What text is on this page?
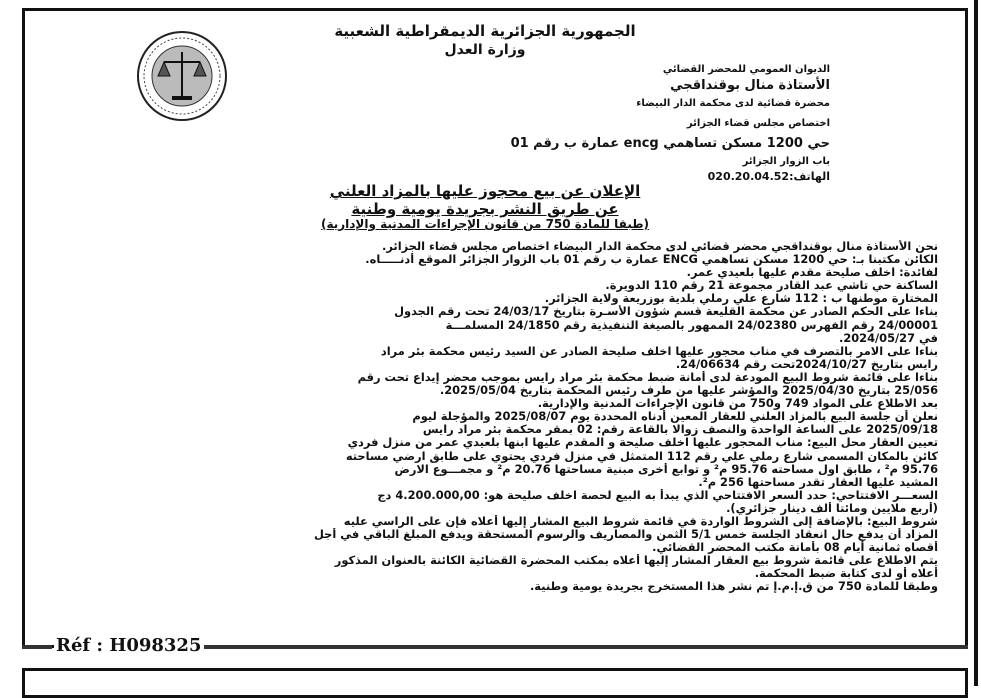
الجمهورية الجزائرية الديمقراطية الشعبية
وزارة العدل
الديوان العمومي للمحضر القضائي
الأستاذة منال بوقنداقجي
محضرة قضائية لدى محكمة الدار البيضاء
اختصاص مجلس قضاء الجزائر
حي 1200 مسكن تساهمي encg عمارة ب رقم 01
باب الزوار الجزائر
الهاتف:020.20.04.52
الإعلان عن بيع محجوز عليها بالمزاد العلني
عن طريق النشر بجريدة يومية وطنية
(طبقا للمادة 750 من قانون الإجراءات المدنية والإدارية)

نحن الأستاذة منال بوقنداقجي محضر قضائي لدى محكمة الدار البيضاء اختصاص مجلس قضاء الجزائر.

الكائن مكتبنا بـ: حي 1200 مسكن تساهمي ENCG عمارة ب رقم 01 باب الزوار الجزائر الموقع أدنـــــاه.

لفائدة: اخلف صليحة مقدم عليها بلعيدي عمر.

الساكنة حي تاشي عبد القادر مجموعة 21 رقم 110 الدويرة.

المختارة موطنها ب : 112 شارع علي رملي بلدية بوزريعة ولاية الجزائر.

بناءا على الحكم الصادر عن محكمة القليعة قسم شؤون الأسـرة بتاريخ 24/03/17 تحت رقم الجدول

24/00001 رقم الفهرس 24/02380 الممهور بالصيغة التنفيذية رقم 24/1850 المسلمـــة

في 2024/05/27.

بناءا على الامر بالتصرف في مناب محجور عليها اخلف صليحة الصادر عن السيد رئيس محكمة بئر مراد

رايس بتاريخ 2024/10/27تحت رقم 24/06634.

بناءا على قائمة شروط البيع المودعة لدى أمانة ضبط محكمة بئر مراد رايس بموجب محضر إيداع تحت رقم

25/056 بتاريخ 2025/04/30 والمؤشر عليها من طرف رئيس المحكمة بتاريخ 2025/05/04.

بعد الاطلاع على المواد 749 و750 من قانون الإجراءات المدنية والإدارية.

نعلن أن جلسة البيع بالمزاد العلني للعقار المعين أدناه المحددة يوم 2025/08/07 والمؤجلة ليوم

2025/09/18 على الساعة الواحدة والنصف زوالا بالقاعة رقم: 02 بمقر محكمة بئر مراد رايس

تعيين العقار محل البيع: مناب المحجور عليها اخلف صليحة و المقدم عليها ابنها بلعيدي عمر من منزل فردي

كائن بالمكان المسمى شارع رملي علي رقم 112 المتمثل في منزل فردي يحتوي على طابق ارضي مساحته

95.76 م² ، طابق اول مساحته 95.76 م² و توابع أخرى مبنية مساحتها 20.76 م² و مجمـــوع الارض

المشيد عليها العقار تقدر مساحتها 256 م².

السعـــر الافتتاحي: حدد السعر الافتتاحي الذي يبدأ به البيع لحصة اخلف صليحة هو: 4.200.000,00 دج

(أربع ملايين ومائتا ألف دينار جزائري).

شروط البيع: بالإضافة إلى الشروط الواردة في قائمة شروط البيع المشار إليها أعلاه فإن على الراسي عليه

المزاد أن يدفع حال انعقاد الجلسة خمس 5/1 الثمن والمصاريف والرسوم المستحقة ويدفع المبلغ الباقي في أجل

أقصاه ثمانية أيام 08 بأمانة مكتب المحضر القضائي.

يتم الاطلاع على قائمة شروط بيع العقار المشار إليها أعلاه بمكتب المحضرة القضائية الكائنة بالعنوان المذكور

أعلاه أو لدى كتابة ضبط المحكمة.

وطبقا للمادة 750 من ق.إ.م.إ تم نشر هذا المستخرج بجريدة يومية وطنية.

Réf : H098325
